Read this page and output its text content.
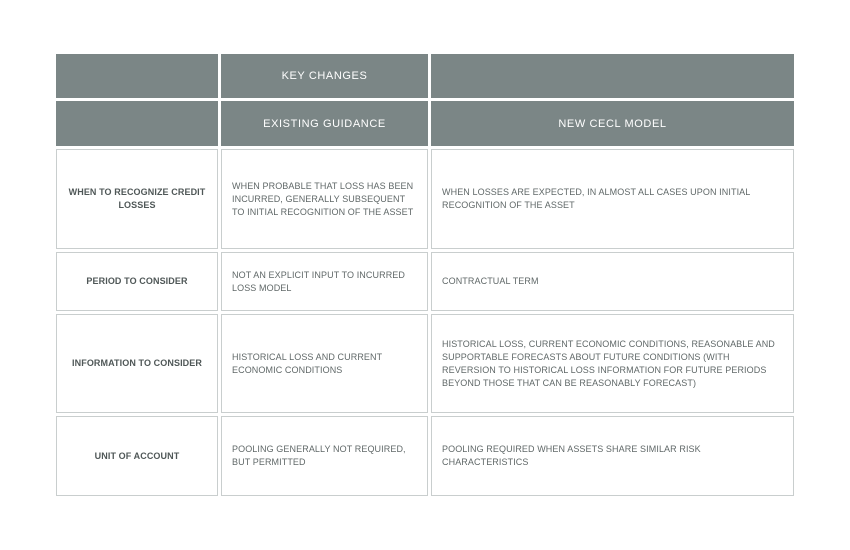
KEY CHANGES
EXISTING GUIDANCE	NEW CECL MODEL
WHEN TO RECOGNIZE CREDIT LOSSES
WHEN PROBABLE THAT LOSS HAS BEEN INCURRED, GENERALLY SUBSEQUENT TO INITIAL RECOGNITION OF THE ASSET
WHEN LOSSES ARE EXPECTED, IN ALMOST ALL CASES UPON INITIAL RECOGNITION OF THE ASSET
PERIOD TO CONSIDER
NOT AN EXPLICIT INPUT TO INCURRED LOSS MODEL
CONTRACTUAL TERM
INFORMATION TO CONSIDER
HISTORICAL LOSS AND CURRENT ECONOMIC CONDITIONS
HISTORICAL LOSS, CURRENT ECONOMIC CONDITIONS, REASONABLE AND SUPPORTABLE FORECASTS ABOUT FUTURE CONDITIONS (WITH REVERSION TO HISTORICAL LOSS INFORMATION FOR FUTURE PERIODS BEYOND THOSE THAT CAN BE REASONABLY FORECAST)
UNIT OF ACCOUNT
POOLING GENERALLY NOT REQUIRED, BUT PERMITTED
POOLING REQUIRED WHEN ASSETS SHARE SIMILAR RISK CHARACTERISTICS
